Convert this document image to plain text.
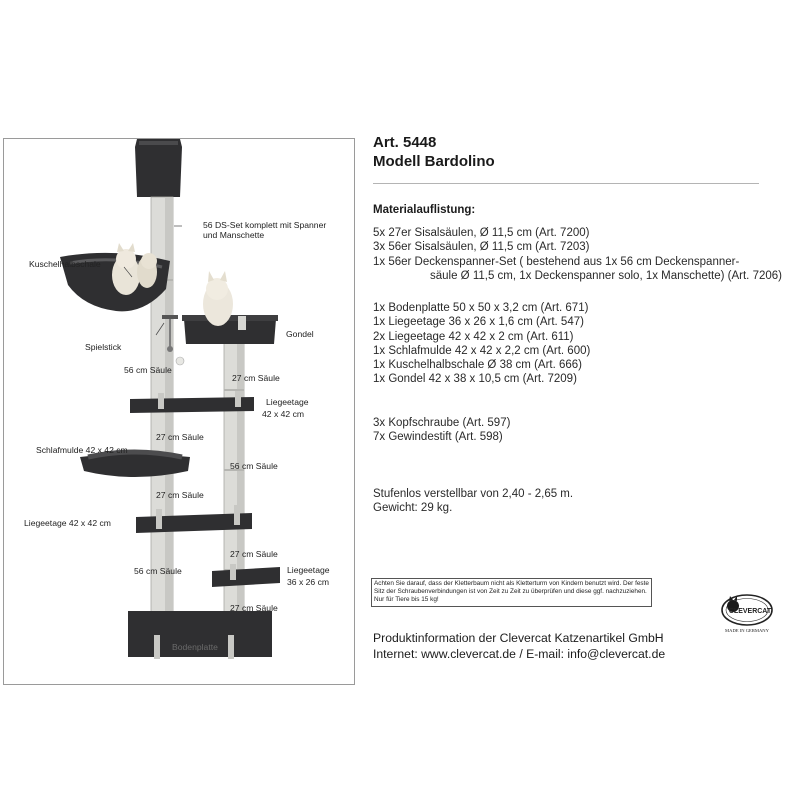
56 DS-Set komplett mit Spanner
und Manschette
Kuschelhalbschale
Gondel
Spielstick
56 cm Säule
27 cm Säule
Liegeetage
42 x 42 cm
27 cm Säule
Schlafmulde 42 x 42 cm
56 cm Säule
27 cm Säule
Liegeetage 42 x 42 cm
27 cm Säule
56 cm Säule	Liegeetage
36 x 26 cm
27 cm Säule
Bodenplatte
Art. 5448
Modell Bardolino
Materialauflistung:
5x 27er Sisalsäulen, Ø 11,5 cm (Art. 7200)
3x 56er Sisalsäulen, Ø 11,5 cm (Art. 7203)
1x 56er Deckenspanner-Set ( bestehend aus 1x 56 cm Deckenspanner-
säule Ø 11,5 cm, 1x Deckenspanner solo, 1x Manschette) (Art. 7206)
1x Bodenplatte 50 x 50 x 3,2 cm (Art. 671)
1x Liegeetage 36 x 26 x 1,6 cm (Art. 547)
2x Liegeetage 42 x 42 x 2 cm (Art. 611)
1x Schlafmulde 42 x 42 x 2,2 cm (Art. 600)
1x Kuschelhalbschale Ø 38 cm (Art. 666)
1x Gondel 42 x 38 x 10,5 cm (Art. 7209)
3x Kopfschraube (Art. 597)
7x Gewindestift (Art. 598)
Stufenlos verstellbar von 2,40 - 2,65 m.
Gewicht: 29 kg.
Achten Sie darauf, dass der Kletterbaum nicht als Kletterturm von Kindern benutzt wird. Der feste Sitz der Schraubenverbindungen ist von Zeit zu Zeit zu überprüfen und diese ggf. nachzuziehen. Nur für Tiere bis 15 kg!
Produktinformation der Clevercat Katzenartikel GmbH
Internet: www.clevercat.de / E-mail: info@clevercat.de
CLEVERCAT
MADE IN GERMANY
